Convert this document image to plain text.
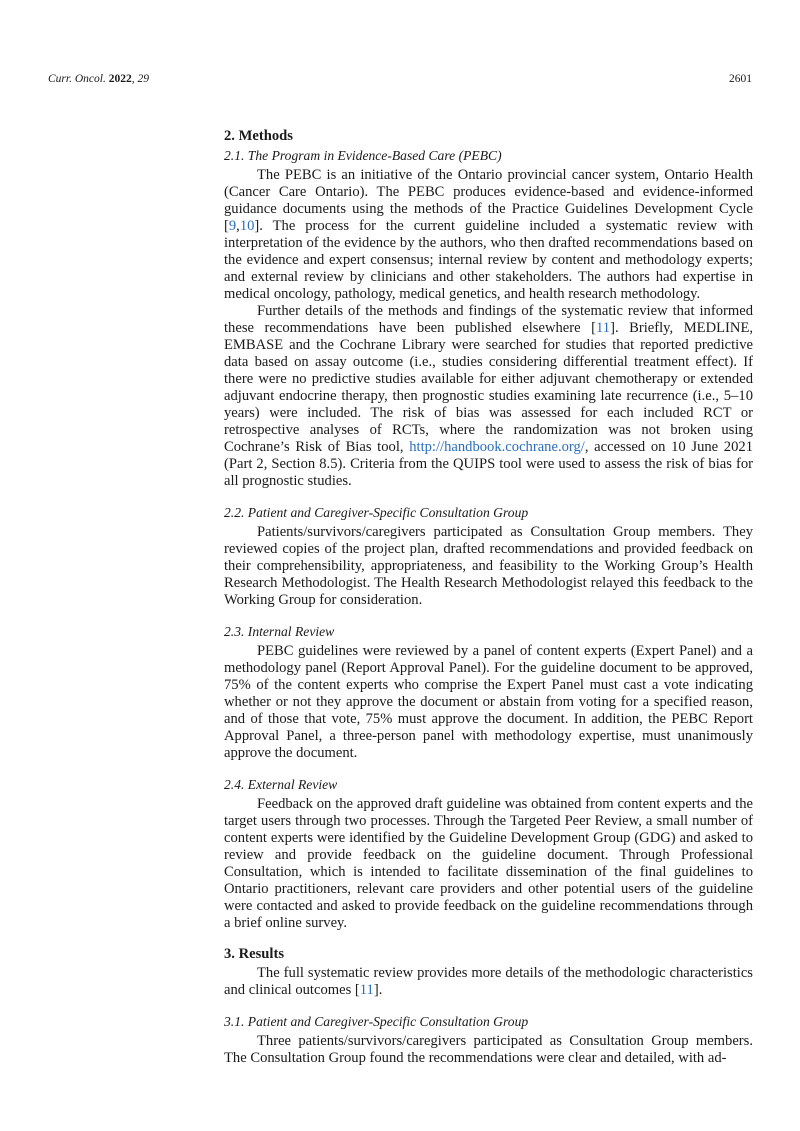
Curr. Oncol. 2022, 29	2601
2. Methods
2.1. The Program in Evidence-Based Care (PEBC)

The PEBC is an initiative of the Ontario provincial cancer system, Ontario Health (Cancer Care Ontario). The PEBC produces evidence-based and evidence-informed guidance documents using the methods of the Practice Guidelines Development Cycle [9,10]. The process for the current guideline included a systematic review with interpretation of the evidence by the authors, who then drafted recommendations based on the evidence and expert consensus; internal review by content and methodology experts; and external review by clinicians and other stakeholders. The authors had expertise in medical oncology, pathology, medical genetics, and health research methodology.

Further details of the methods and findings of the systematic review that informed these recommendations have been published elsewhere [11]. Briefly, MEDLINE, EMBASE and the Cochrane Library were searched for studies that reported predictive data based on assay outcome (i.e., studies considering differential treatment effect). If there were no predictive studies available for either adjuvant chemotherapy or extended adjuvant endocrine therapy, then prognostic studies examining late recurrence (i.e., 5–10 years) were included. The risk of bias was assessed for each included RCT or retrospective analyses of RCTs, where the randomization was not broken using Cochrane’s Risk of Bias tool, http://handbook.cochrane.org/, accessed on 10 June 2021 (Part 2, Section 8.5). Criteria from the QUIPS tool were used to assess the risk of bias for all prognostic studies.

2.2. Patient and Caregiver-Specific Consultation Group

Patients/survivors/caregivers participated as Consultation Group members. They reviewed copies of the project plan, drafted recommendations and provided feedback on their comprehensibility, appropriateness, and feasibility to the Working Group’s Health Research Methodologist. The Health Research Methodologist relayed this feedback to the Working Group for consideration.

2.3. Internal Review

PEBC guidelines were reviewed by a panel of content experts (Expert Panel) and a methodology panel (Report Approval Panel). For the guideline document to be approved, 75% of the content experts who comprise the Expert Panel must cast a vote indicating whether or not they approve the document or abstain from voting for a specified reason, and of those that vote, 75% must approve the document. In addition, the PEBC Report Approval Panel, a three-person panel with methodology expertise, must unanimously approve the document.

2.4. External Review

Feedback on the approved draft guideline was obtained from content experts and the target users through two processes. Through the Targeted Peer Review, a small number of content experts were identified by the Guideline Development Group (GDG) and asked to review and provide feedback on the guideline document. Through Professional Consultation, which is intended to facilitate dissemination of the final guidelines to Ontario practitioners, relevant care providers and other potential users of the guideline were contacted and asked to provide feedback on the guideline recommendations through a brief online survey.

3. Results

The full systematic review provides more details of the methodologic characteristics and clinical outcomes [11].

3.1. Patient and Caregiver-Specific Consultation Group

Three patients/survivors/caregivers participated as Consultation Group members. The Consultation Group found the recommendations were clear and detailed, with ad-
